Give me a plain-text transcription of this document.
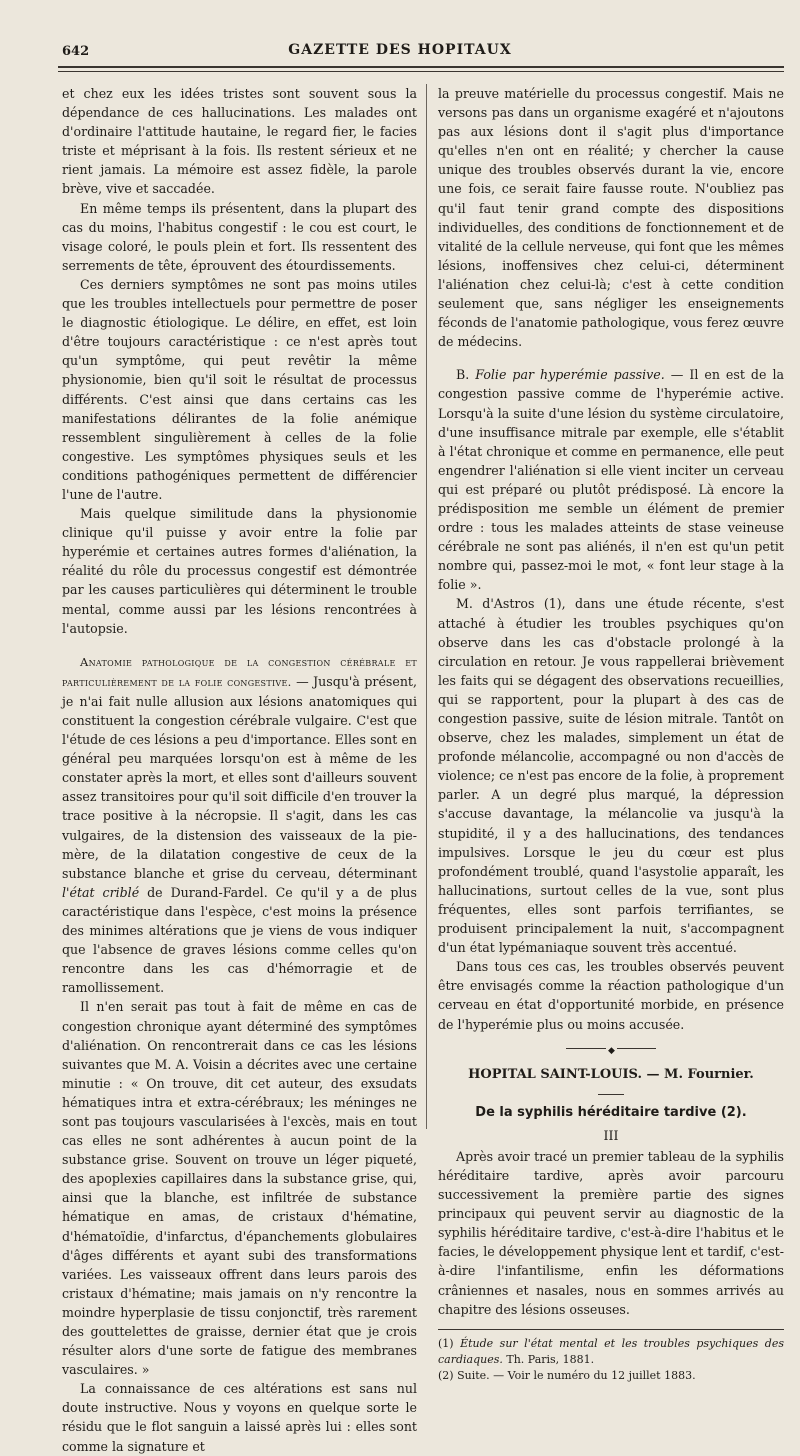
642	GAZETTE DES HOPITAUX

et chez eux les idées tristes sont souvent sous la dépendance de ces hallucinations. Les malades ont d'ordinaire l'attitude hautaine, le regard fier, le facies triste et méprisant à la fois. Ils restent sérieux et ne rient jamais. La mémoire est assez fidèle, la parole brève, vive et saccadée.

En même temps ils présentent, dans la plupart des cas du moins, l'habitus congestif : le cou est court, le visage coloré, le pouls plein et fort. Ils ressentent des serrements de tête, éprouvent des étourdissements.

Ces derniers symptômes ne sont pas moins utiles que les troubles intellectuels pour permettre de poser le diagnostic étiologique. Le délire, en effet, est loin d'être toujours caractéristique : ce n'est après tout qu'un symptôme, qui peut revêtir la même physionomie, bien qu'il soit le résultat de processus différents. C'est ainsi que dans certains cas les manifestations délirantes de la folie anémique ressemblent singulièrement à celles de la folie congestive. Les symptômes physiques seuls et les conditions pathogéniques permettent de différencier l'une de l'autre.

Mais quelque similitude dans la physionomie clinique qu'il puisse y avoir entre la folie par hyperémie et certaines autres formes d'aliénation, la réalité du rôle du processus congestif est démontrée par les causes particulières qui déterminent le trouble mental, comme aussi par les lésions rencontrées à l'autopsie.

Anatomie pathologique de la congestion cérébrale et particulièrement de la folie congestive. — Jusqu'à présent, je n'ai fait nulle allusion aux lésions anatomiques qui constituent la congestion cérébrale vulgaire. C'est que l'étude de ces lésions a peu d'importance. Elles sont en général peu marquées lorsqu'on est à même de les constater après la mort, et elles sont d'ailleurs souvent assez transitoires pour qu'il soit difficile d'en trouver la trace positive à la nécropsie. Il s'agit, dans les cas vulgaires, de la distension des vaisseaux de la pie-mère, de la dilatation congestive de ceux de la substance blanche et grise du cerveau, déterminant l'état criblé de Durand-Fardel. Ce qu'il y a de plus caractéristique dans l'espèce, c'est moins la présence des minimes altérations que je viens de vous indiquer que l'absence de graves lésions comme celles qu'on rencontre dans les cas d'hémorragie et de ramollissement.

Il n'en serait pas tout à fait de même en cas de congestion chronique ayant déterminé des symptômes d'aliénation. On rencontrerait dans ce cas les lésions suivantes que M. A. Voisin a décrites avec une certaine minutie : « On trouve, dit cet auteur, des exsudats hématiques intra et extra-cérébraux; les méninges ne sont pas toujours vascularisées à l'excès, mais en tout cas elles ne sont adhérentes à aucun point de la substance grise. Souvent on trouve un léger piqueté, des apoplexies capillaires dans la substance grise, qui, ainsi que la blanche, est infiltrée de substance hématique en amas, de cristaux d'hématine, d'hématoïdie, d'infarctus, d'épanchements globulaires d'âges différents et ayant subi des transformations variées. Les vaisseaux offrent dans leurs parois des cristaux d'hématine; mais jamais on n'y rencontre la moindre hyperplasie de tissu conjonctif, très rarement des gouttelettes de graisse, dernier état que je crois résulter alors d'une sorte de fatigue des membranes vasculaires. »

La connaissance de ces altérations est sans nul doute instructive. Nous y voyons en quelque sorte le résidu que le flot sanguin a laissé après lui : elles sont comme la signature et

la preuve matérielle du processus congestif. Mais ne versons pas dans un organisme exagéré et n'ajoutons pas aux lésions dont il s'agit plus d'importance qu'elles n'en ont en réalité; y chercher la cause unique des troubles observés durant la vie, encore une fois, ce serait faire fausse route. N'oubliez pas qu'il faut tenir grand compte des dispositions individuelles, des conditions de fonctionnement et de vitalité de la cellule nerveuse, qui font que les mêmes lésions, inoffensives chez celui-ci, déterminent l'aliénation chez celui-là; c'est à cette condition seulement que, sans négliger les enseignements féconds de l'anatomie pathologique, vous ferez œuvre de médecins.

B. Folie par hyperémie passive. — Il en est de la congestion passive comme de l'hyperémie active. Lorsqu'à la suite d'une lésion du système circulatoire, d'une insuffisance mitrale par exemple, elle s'établit à l'état chronique et comme en permanence, elle peut engendrer l'aliénation si elle vient inciter un cerveau qui est préparé ou plutôt prédisposé. Là encore la prédisposition me semble un élément de premier ordre : tous les malades atteints de stase veineuse cérébrale ne sont pas aliénés, il n'en est qu'un petit nombre qui, passez-moi le mot, « font leur stage à la folie ».

M. d'Astros (1), dans une étude récente, s'est attaché à étudier les troubles psychiques qu'on observe dans les cas d'obstacle prolongé à la circulation en retour. Je vous rappellerai brièvement les faits qui se dégagent des observations recueillies, qui se rapportent, pour la plupart à des cas de congestion passive, suite de lésion mitrale. Tantôt on observe, chez les malades, simplement un état de profonde mélancolie, accompagné ou non d'accès de violence; ce n'est pas encore de la folie, à proprement parler. A un degré plus marqué, la dépression s'accuse davantage, la mélancolie va jusqu'à la stupidité, il y a des hallucinations, des tendances impulsives. Lorsque le jeu du cœur est plus profondément troublé, quand l'asystolie apparaît, les hallucinations, surtout celles de la vue, sont plus fréquentes, elles sont parfois terrifiantes, se produisent principalement la nuit, s'accompagnent d'un état lypémaniaque souvent très accentué.

Dans tous ces cas, les troubles observés peuvent être envisagés comme la réaction pathologique d'un cerveau en état d'opportunité morbide, en présence de l'hyperémie plus ou moins accusée.

◆
HOPITAL SAINT-LOUIS. — M. Fournier.
De la syphilis héréditaire tardive (2).
III

Après avoir tracé un premier tableau de la syphilis héréditaire tardive, après avoir parcouru successivement la première partie des signes principaux qui peuvent servir au diagnostic de la syphilis héréditaire tardive, c'est-à-dire l'habitus et le facies, le développement physique lent et tardif, c'est-à-dire l'infantilisme, enfin les déformations crâniennes et nasales, nous en sommes arrivés au chapitre des lésions osseuses.

(1) Étude sur l'état mental et les troubles psychiques des cardiaques. Th. Paris, 1881.

(2) Suite. — Voir le numéro du 12 juillet 1883.
